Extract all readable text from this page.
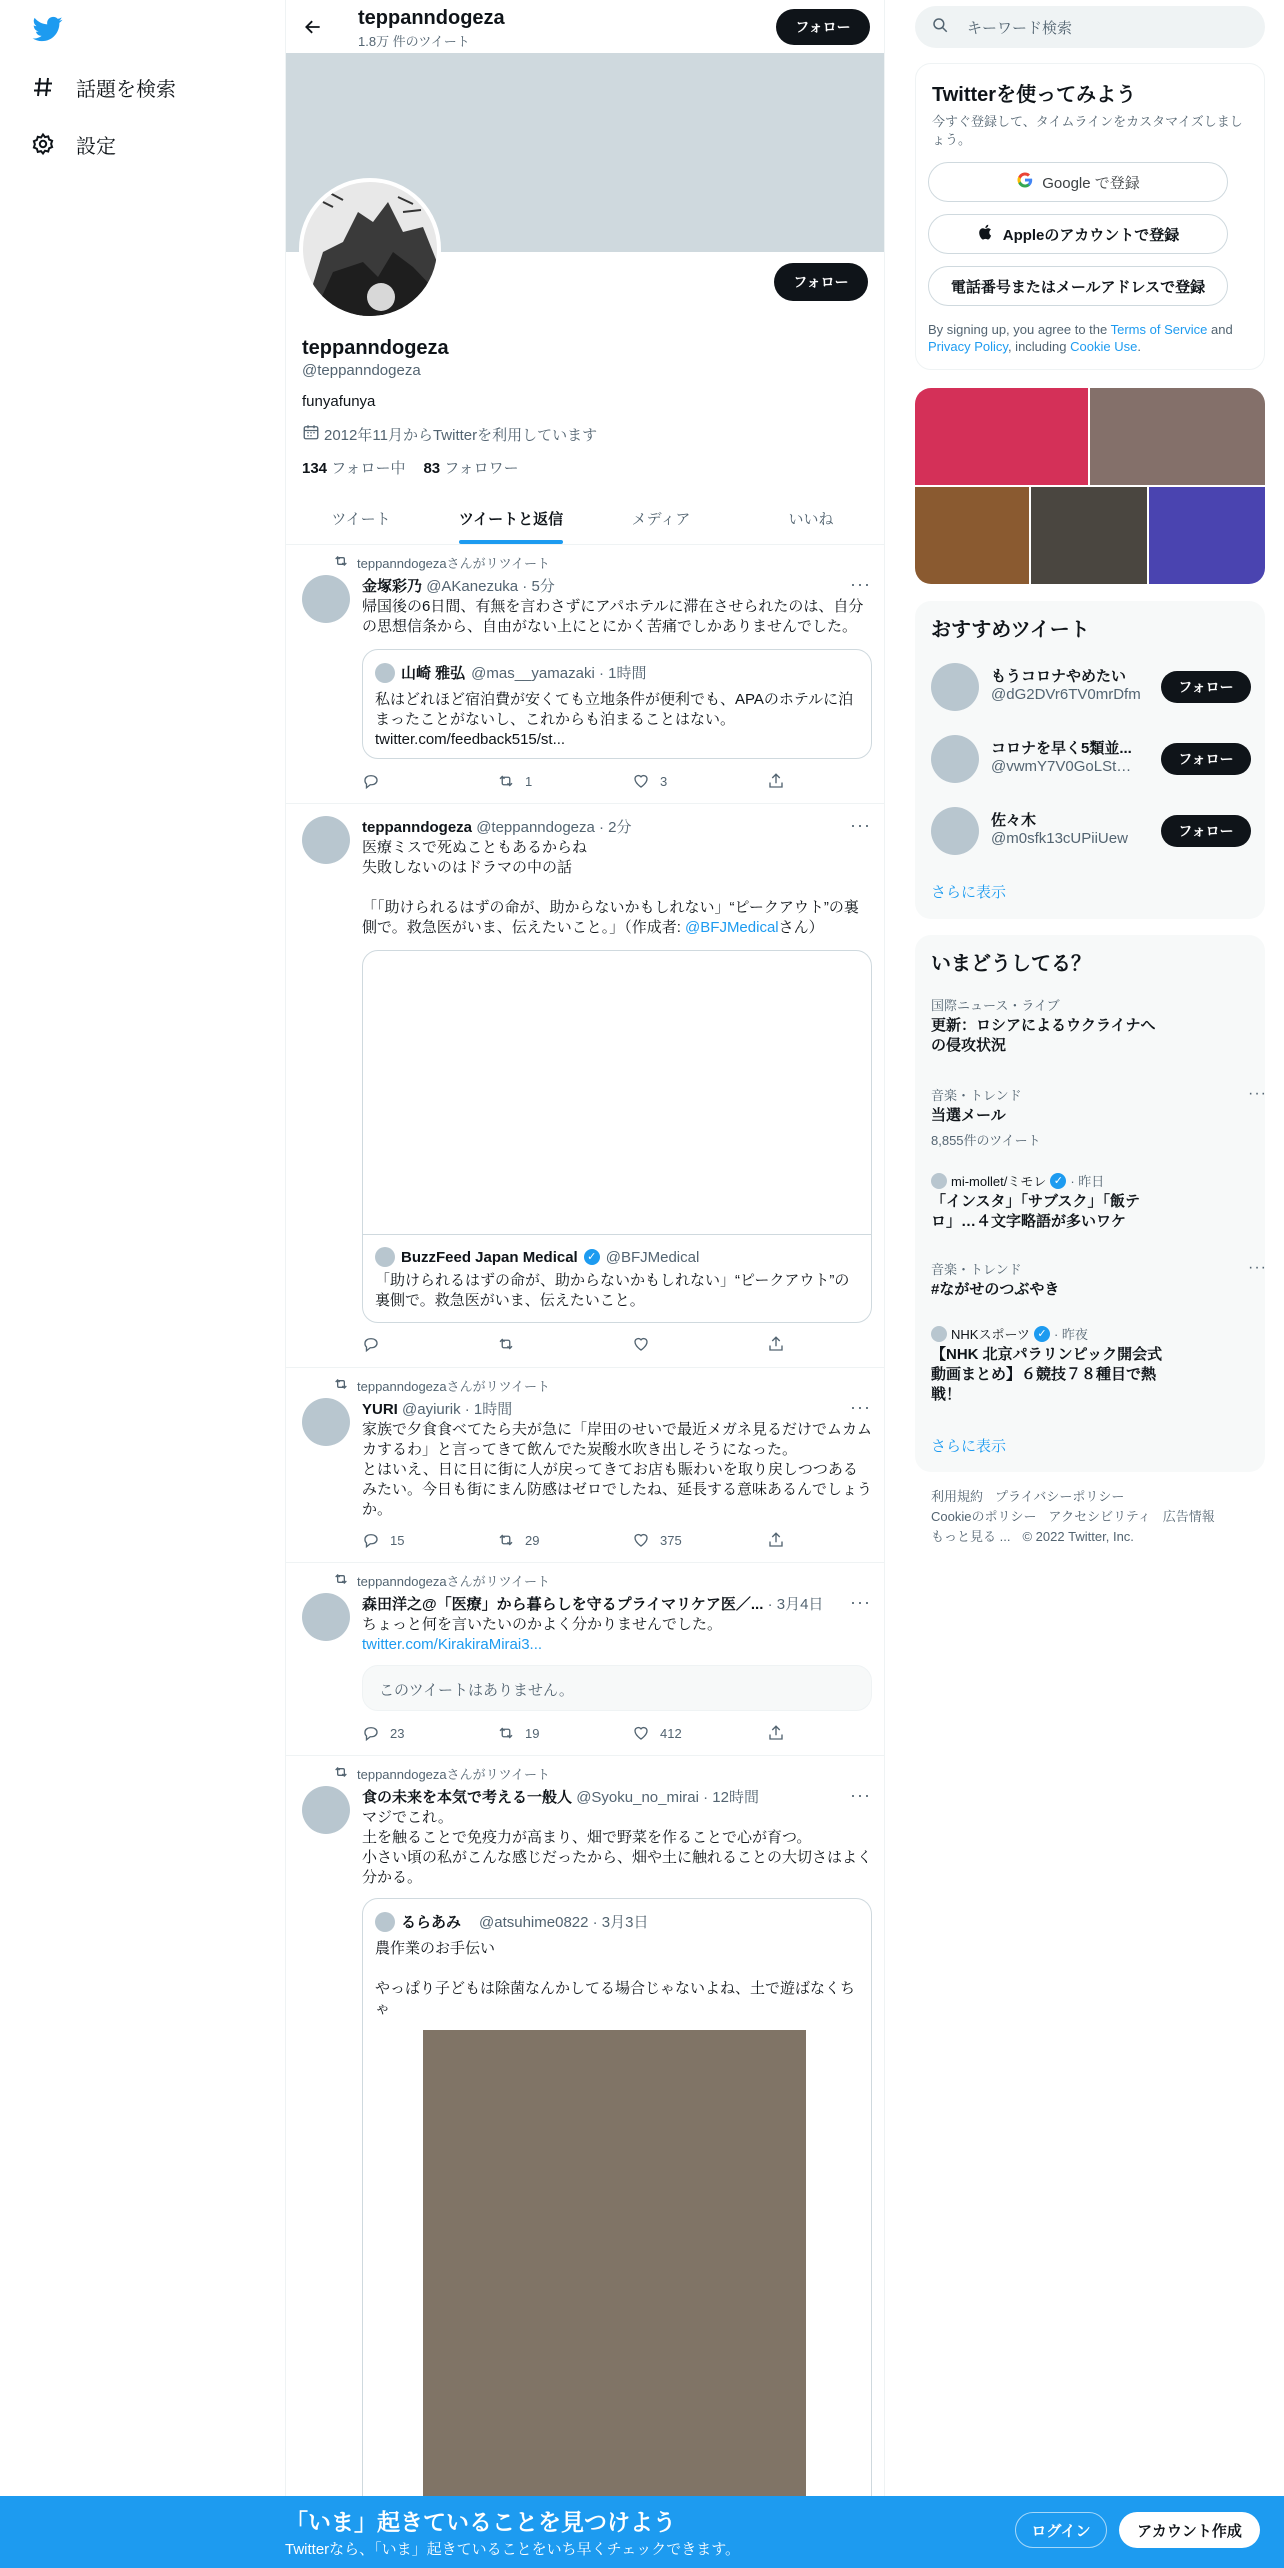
話題を検索
設定
teppanndogeza
1.8万 件のツイート
フォロー
フォロー
teppanndogeza
@teppanndogeza
funyafunya
2012年11月からTwitterを利用しています
134 フォロー中 83 フォロワー
ツイート	ツイートと返信	メディア	いいね
teppanndogezaさんがリツイート
金塚彩乃 @AKanezuka · 5分	···
帰国後の6日間、有無を言わさずにアパホテルに滞在させられたのは、自分の思想信条から、自由がない上にとにかく苦痛でしかありませんでした。
山崎 雅弘 @mas__yamazaki · 1時間
私はどれほど宿泊費が安くても立地条件が便利でも、APAのホテルに泊まったことがないし、これからも泊まることはない。twitter.com/feedback515/st...
1	3
teppanndogeza @teppanndogeza · 2分	···
医療ミスで死ぬこともあるからね
失敗しないのはドラマの中の話

「「助けられるはずの命が、助からないかもしれない」“ピークアウト”の裏側で。救急医がいま、伝えたいこと。」（作成者: @BFJMedicalさん）
BuzzFeed Japan Medical ✓ @BFJMedical
「助けられるはずの命が、助からないかもしれない」“ピークアウト”の裏側で。救急医がいま、伝えたいこと。
teppanndogezaさんがリツイート
YURI @ayiurik · 1時間	···
家族で夕食食べてたら夫が急に「岸田のせいで最近メガネ見るだけでムカムカするわ」と言ってきて飲んでた炭酸水吹き出しそうになった。
とはいえ、日に日に街に人が戻ってきてお店も賑わいを取り戻しつつあるみたい。今日も街にまん防感はゼロでしたね、延長する意味あるんでしょうか。
15	29	375
teppanndogezaさんがリツイート
森田洋之@「医療」から暮らしを守るプライマリケア医／... · 3月4日	···
ちょっと何を言いたいのかよく分かりませんでした。
twitter.com/KirakiraMirai3...
このツイートはありません。
23	19	412
teppanndogezaさんがリツイート
食の未来を本気で考える一般人 @Syoku_no_mirai · 12時間	···
マジでこれ。
土を触ることで免疫力が高まり、畑で野菜を作ることで心が育つ。
小さい頃の私がこんな感じだったから、畑や土に触れることの大切さはよく分かる。
るらあみ @atsuhime0822 · 3月3日
農作業のお手伝い

やっぱり子どもは除菌なんかしてる場合じゃないよね、土で遊ばなくちゃ
キーワード検索
Twitterを使ってみよう
今すぐ登録して、タイムラインをカスタマイズしましょう。
Google で登録
Appleのアカウントで登録
電話番号またはメールアドレスで登録
By signing up, you agree to the Terms of Service and Privacy Policy, including Cookie Use.
おすすめツイート
もうコロナやめたい
@dG2DVr6TV0mrDfm	フォロー
コロナを早く5類並...
@vwmY7V0GoLStmTl	フォロー
佐々木
@m0sfk13cUPiiUew	フォロー
さらに表示
いまどうしてる？
国際ニュース・ライブ
更新：ロシアによるウクライナへ
の侵攻状況
音楽・トレンド
当選メール
8,855件のツイート
···
mi-mollet/ミモレ ✓ · 昨日
「インスタ」「サブスク」「飯テ
ロ」…４文字略語が多いワケ
音楽・トレンド
#ながせのつぶやき
···
NHKスポーツ ✓ · 昨夜
【NHK 北京パラリンピック開会式
動画まとめ】６競技７８種目で熱
戦！
さらに表示
利用規約 プライバシーポリシー
Cookieのポリシー アクセシビリティ 広告情報
もっと見る ... © 2022 Twitter, Inc.
「いま」起きていることを見つけよう
Twitterなら、「いま」起きていることをいち早くチェックできます。
ログイン	アカウント作成
